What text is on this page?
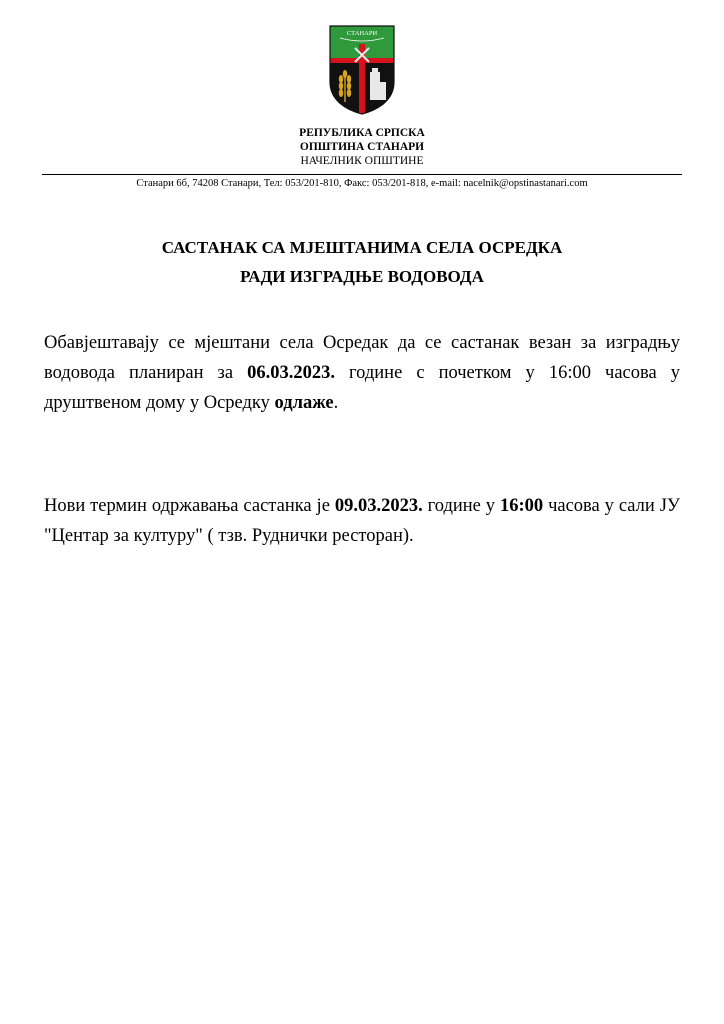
СТАНАРИ
РЕПУБЛИКА СРПСКА
ОПШТИНА СТАНАРИ
НАЧЕЛНИК ОПШТИНЕ
Станари 6б, 74208 Станари, Тел: 053/201-810, Факс: 053/201-818, e-mail: nacelnik@opstinastanari.com
САСТАНАК СА МЈЕШТАНИМА СЕЛА ОСРЕДКА
РАДИ ИЗГРАДЊЕ ВОДОВОДА
Обавјештавају се мјештани села Осредак да се састанак везан за изградњу водовода планиран за 06.03.2023. године с почетком у 16:00 часова у друштвеном дому у Осредку одлаже.
Нови термин одржавања састанка је 09.03.2023. године у 16:00 часова у сали ЈУ "Центар за културу" ( тзв. Руднички ресторан).
